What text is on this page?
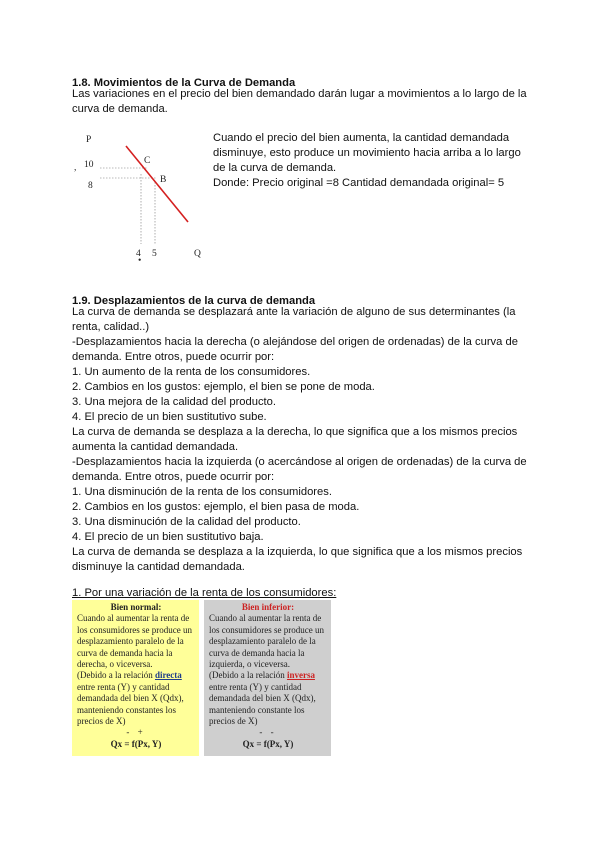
1.8. Movimientos de la Curva de Demanda

Las variaciones en el precio del bien demandado darán lugar a movimientos a lo largo de la curva de demanda.

P
Q
, 10
8
4 5
•
C
B

Cuando el precio del bien aumenta, la cantidad demandada disminuye, esto produce un movimiento hacia arriba a lo largo de la curva de demanda.

Donde: Precio original =8 Cantidad demandada original= 5

1.9. Desplazamientos de la curva de demanda

La curva de demanda se desplazará ante la variación de alguno de sus determinantes (la renta, calidad..)

-Desplazamientos hacia la derecha (o alejándose del origen de ordenadas) de la curva de demanda. Entre otros, puede ocurrir por:

1. Un aumento de la renta de los consumidores.

2. Cambios en los gustos: ejemplo, el bien se pone de moda.

3. Una mejora de la calidad del producto.

4. El precio de un bien sustitutivo sube.

La curva de demanda se desplaza a la derecha, lo que significa que a los mismos precios aumenta la cantidad demandada.

-Desplazamientos hacia la izquierda (o acercándose al origen de ordenadas) de la curva de demanda. Entre otros, puede ocurrir por:

1. Una disminución de la renta de los consumidores.

2. Cambios en los gustos: ejemplo, el bien pasa de moda.

3. Una disminución de la calidad del producto.

4. El precio de un bien sustitutivo baja.

La curva de demanda se desplaza a la izquierda, lo que significa que a los mismos precios disminuye la cantidad demandada.

1. Por una variación de la renta de los consumidores:

Bien normal:

Cuando al aumentar la renta de los consumidores se produce un desplazamiento paralelo de la curva de demanda hacia la derecha, o viceversa.

(Debido a la relación directa entre renta (Y) y cantidad demandada del bien X (Qdx), manteniendo constantes los precios de X)

- +

Qx = f(Px, Y)

Bien inferior:

Cuando al aumentar la renta de los consumidores se produce un desplazamiento paralelo de la curva de demanda hacia la izquierda, o viceversa.

(Debido a la relación inversa entre renta (Y) y cantidad demandada del bien X (Qdx), manteniendo constante los precios de X)

- -

Qx = f(Px, Y)
